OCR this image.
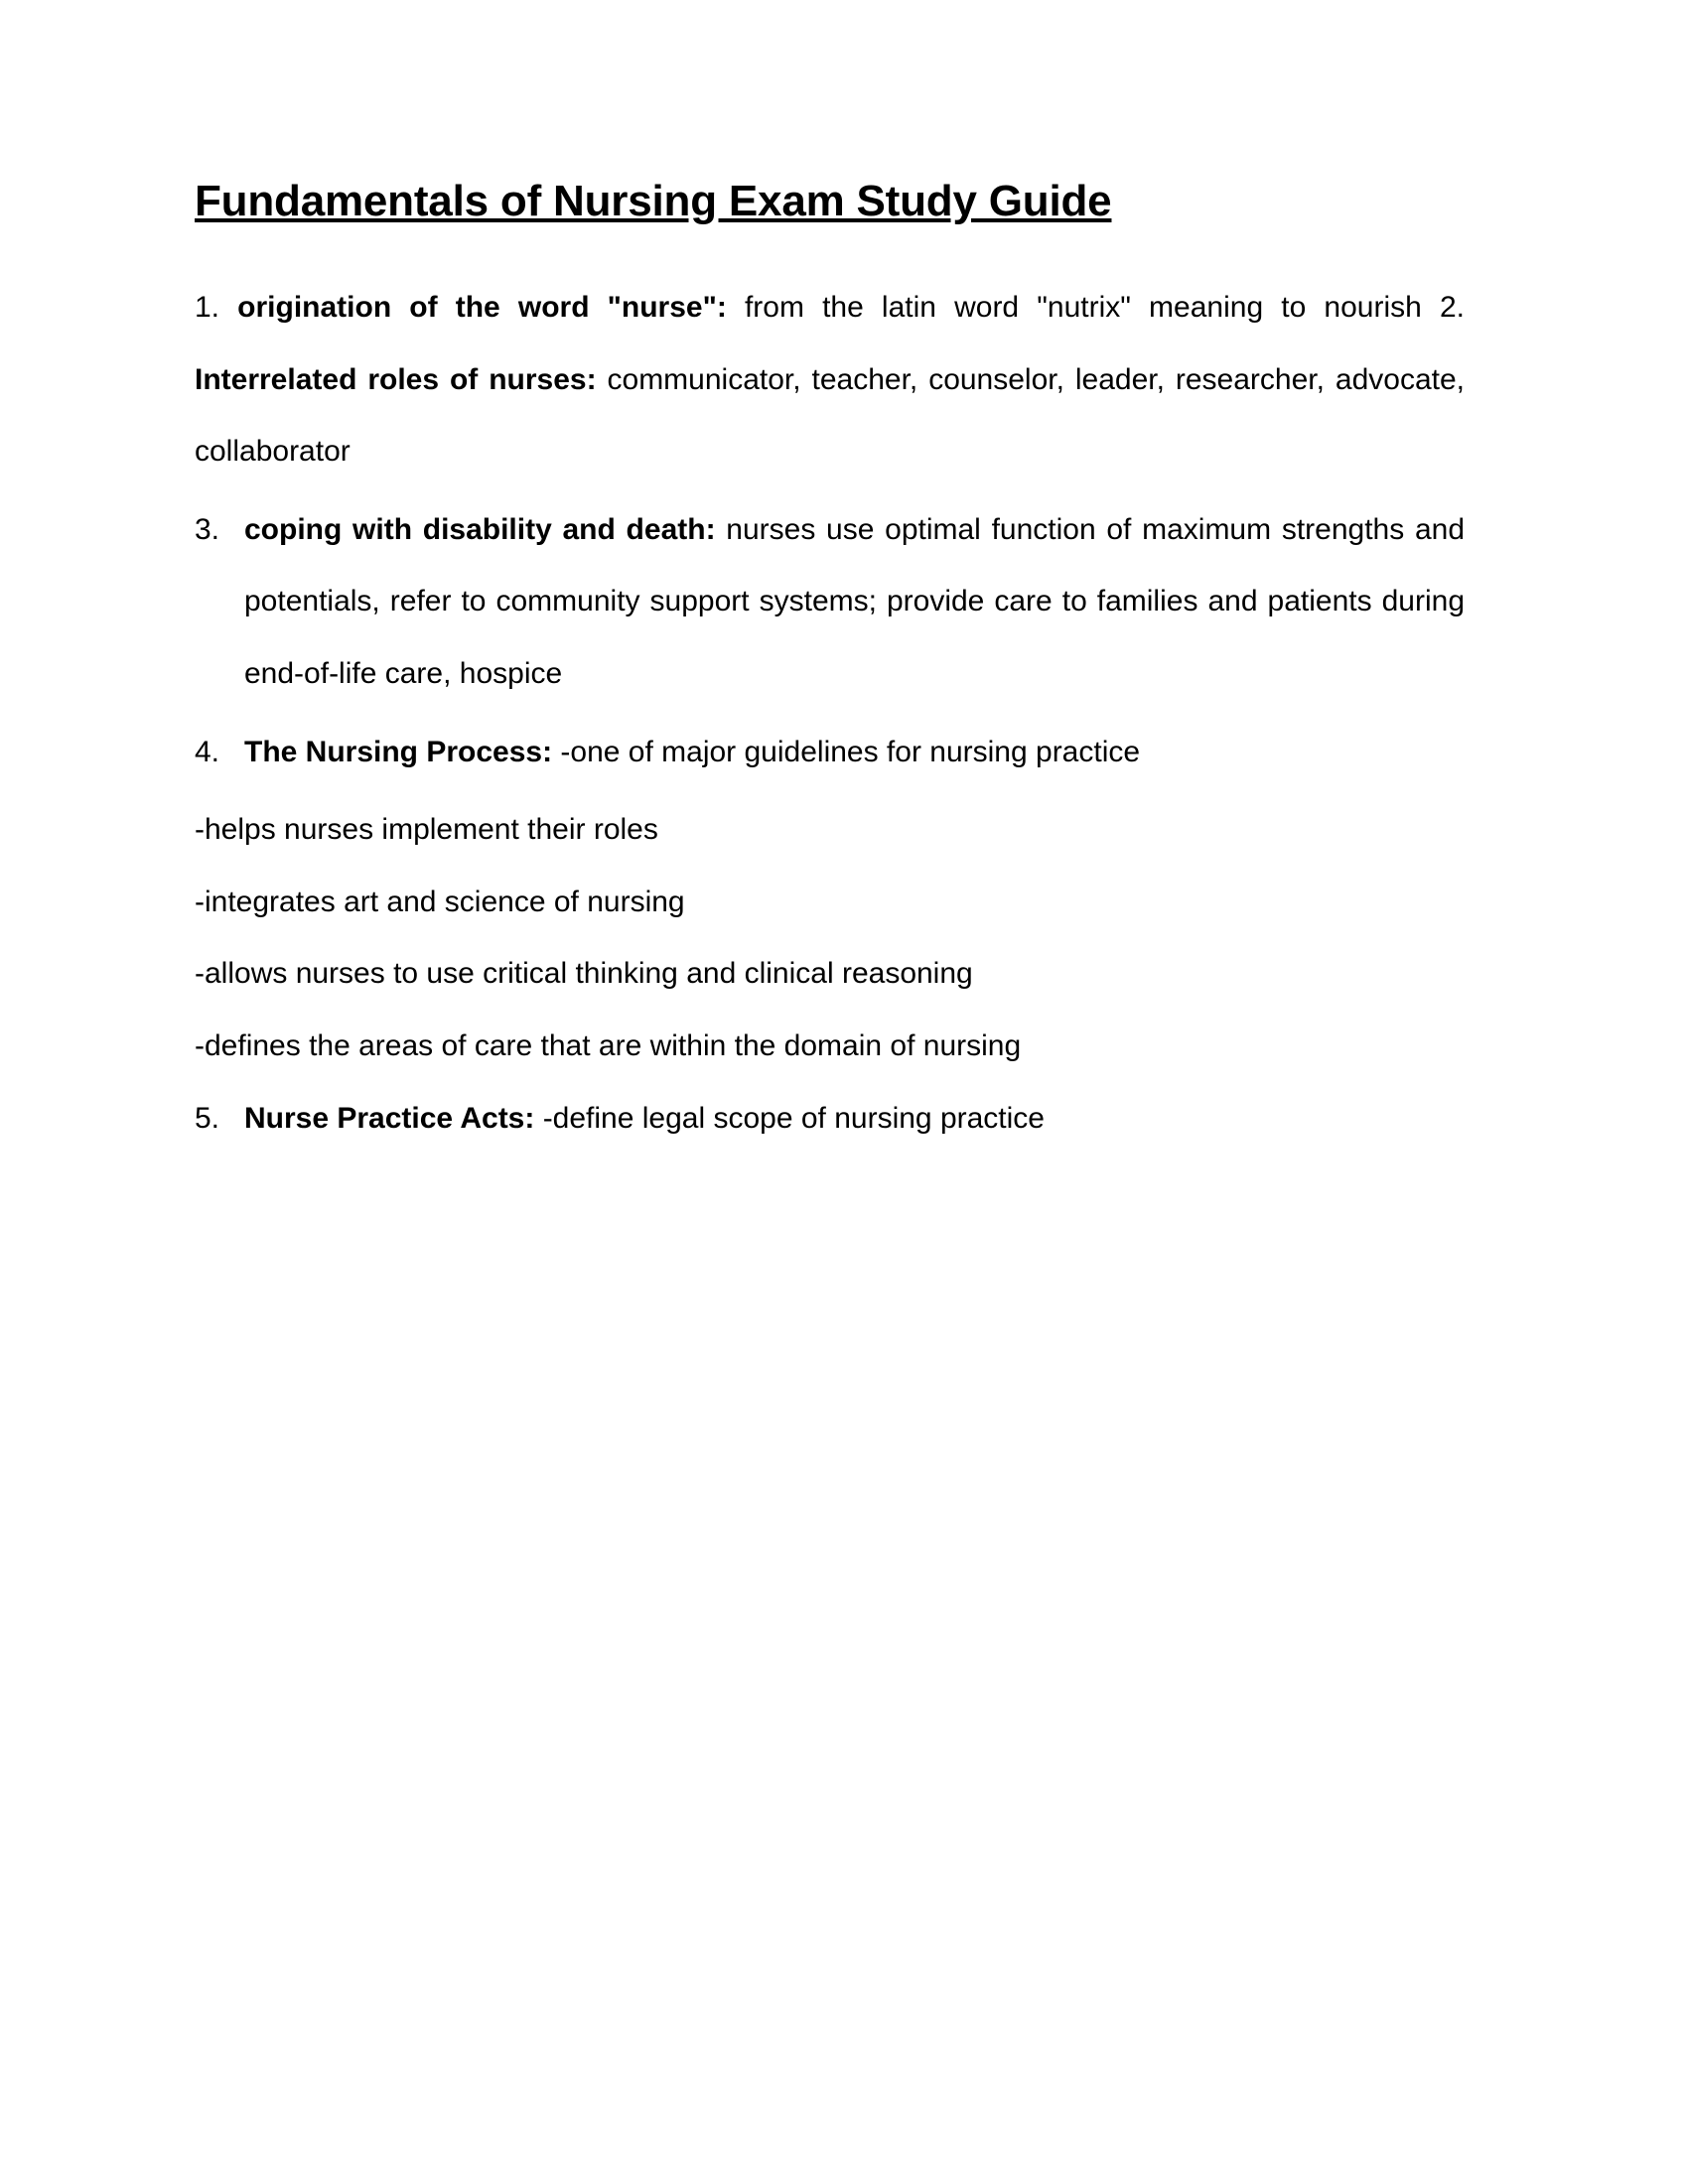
Fundamentals of Nursing Exam Study Guide

1. origination of the word "nurse": from the latin word "nutrix" meaning to nourish 2. Interrelated roles of nurses: communicator, teacher, counselor, leader, researcher, advocate, collaborator

3. coping with disability and death: nurses use optimal function of maximum strengths and potentials, refer to community support systems; provide care to families and patients during end-of-life care, hospice
4. The Nursing Process: -one of major guidelines for nursing practice

-helps nurses implement their roles

-integrates art and science of nursing

-allows nurses to use critical thinking and clinical reasoning

-defines the areas of care that are within the domain of nursing

5. Nurse Practice Acts: -define legal scope of nursing practice
